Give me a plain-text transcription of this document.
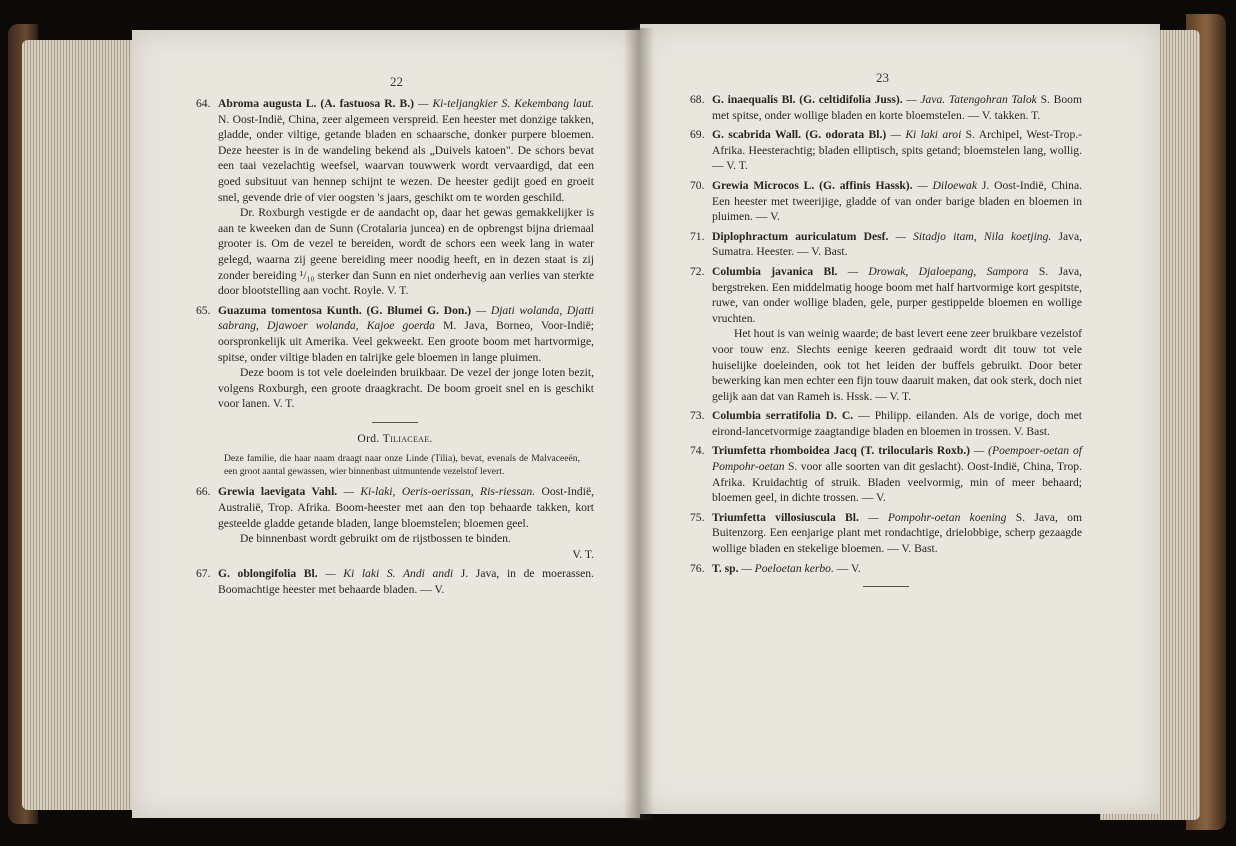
22	23
64. Abroma augusta L. (A. fastuosa R. B.) — Ki-teljangkier S. Kekembang laut. N. Oost-Indië, China, zeer algemeen verspreid. Een heester met donzige takken, gladde, onder viltige, getande bladen en schaarsche, donker purpere bloemen. Deze heester is in de wandeling bekend als „Duivels katoen". De schors bevat een taai vezelachtig weefsel, waarvan touwwerk wordt vervaardigd, dat een goed subsituut van hennep schijnt te wezen. De heester gedijt goed en groeit snel, gevende drie of vier oogsten 's jaars, geschikt om te worden geschild.
Dr. Roxburgh vestigde er de aandacht op, daar het gewas gemakkelijker is aan te kweeken dan de Sunn (Crotalaria juncea) en de opbrengst bijna driemaal grooter is. Om de vezel te bereiden, wordt de schors een week lang in water gelegd, waarna zij geene bereiding meer noodig heeft, en in dezen staat is zij zonder bereiding ¹/₁₀ sterker dan Sunn en niet onderhevig aan verlies van sterkte door blootstelling aan vocht. Royle. V. T.
65. Guazuma tomentosa Kunth. (G. Blumei G. Don.) — Djati wolanda, Djatti sabrang, Djawoer wolanda, Kajoe goerda M. Java, Borneo, Voor-Indië; oorspronkelijk uit Amerika. Veel gekweekt. Een groote boom met hartvormige, spitse, onder viltige bladen en talrijke gele bloemen in lange pluimen.
Deze boom is tot vele doeleinden bruikbaar. De vezel der jonge loten bezit, volgens Roxburgh, een groote draagkracht. De boom groeit snel en is geschikt voor lanen. V. T.
Ord. Tiliaceae.
Deze familie, die haar naam draagt naar onze Linde (Tilia), bevat, evenals de Malvaceeën, een groot aantal gewassen, wier binnenbast uitmuntende vezelstof levert.
66. Grewia laevigata Vahl. — Ki-laki, Oeris-oerissan, Ris-riessan. Oost-Indië, Australië, Trop. Afrika. Boom-heester met aan den top behaarde takken, kort gesteelde gladde getande bladen, lange bloemstelen; bloemen geel.
De binnenbast wordt gebruikt om de rijstbossen te binden.
V. T.
67. G. oblongifolia Bl. — Ki laki S. Andi andi J. Java, in de moerassen. Boomachtige heester met behaarde bladen. — V.
68. G. inaequalis Bl. (G. celtidifolia Juss). — Java. Tatengohran Talok S. Boom met spitse, onder wollige bladen en korte bloemstelen. — V. takken. T.
69. G. scabrida Wall. (G. odorata Bl.) — Ki laki aroi S. Archipel, West-Trop.-Afrika. Heesterachtig; bladen elliptisch, spits getand; bloemstelen lang, wollig. — V. T.
70. Grewia Microcos L. (G. affinis Hassk). — Diloewak J. Oost-Indië, China. Een heester met tweerijige, gladde of van onder barige bladen en bloemen in pluimen. — V.
71. Diplophractum auriculatum Desf. — Sitadjo itam, Nila koetjing. Java, Sumatra. Heester. — V. Bast.
72. Columbia javanica Bl. — Drowak, Djaloepang, Sampora S. Java, bergstreken. Een middelmatig hooge boom met half hartvormige kort gespitste, ruwe, van onder wollige bladen, gele, purper gestippelde bloemen en wollige vruchten.
Het hout is van weinig waarde; de bast levert eene zeer bruikbare vezelstof voor touw enz. Slechts eenige keeren gedraaid wordt dit touw tot vele huiselijke doeleinden, ook tot het leiden der buffels gebruikt. Door beter bewerking kan men echter een fijn touw daaruit maken, dat ook sterk, doch niet gelijk aan dat van Rameh is. Hssk. — V. T.
73. Columbia serratifolia D. C. — Philipp. eilanden. Als de vorige, doch met eirond-lancetvormige zaagtandige bladen en bloemen in trossen. V. Bast.
74. Triumfetta rhomboidea Jacq (T. trilocularis Roxb.) — (Poempoer-oetan of Pompohr-oetan S. voor alle soorten van dit geslacht). Oost-Indië, China, Trop. Afrika. Kruidachtig of struik. Bladen veelvormig, min of meer behaard; bloemen geel, in dichte trossen. — V.
75. Triumfetta villosiuscula Bl. — Pompohr-oetan koening S. Java, om Buitenzorg. Een eenjarige plant met rondachtige, drielobbige, scherp gezaagde wollige bladen en stekelige bloemen. — V. Bast.
76. T. sp. — Poeloetan kerbo. — V.
